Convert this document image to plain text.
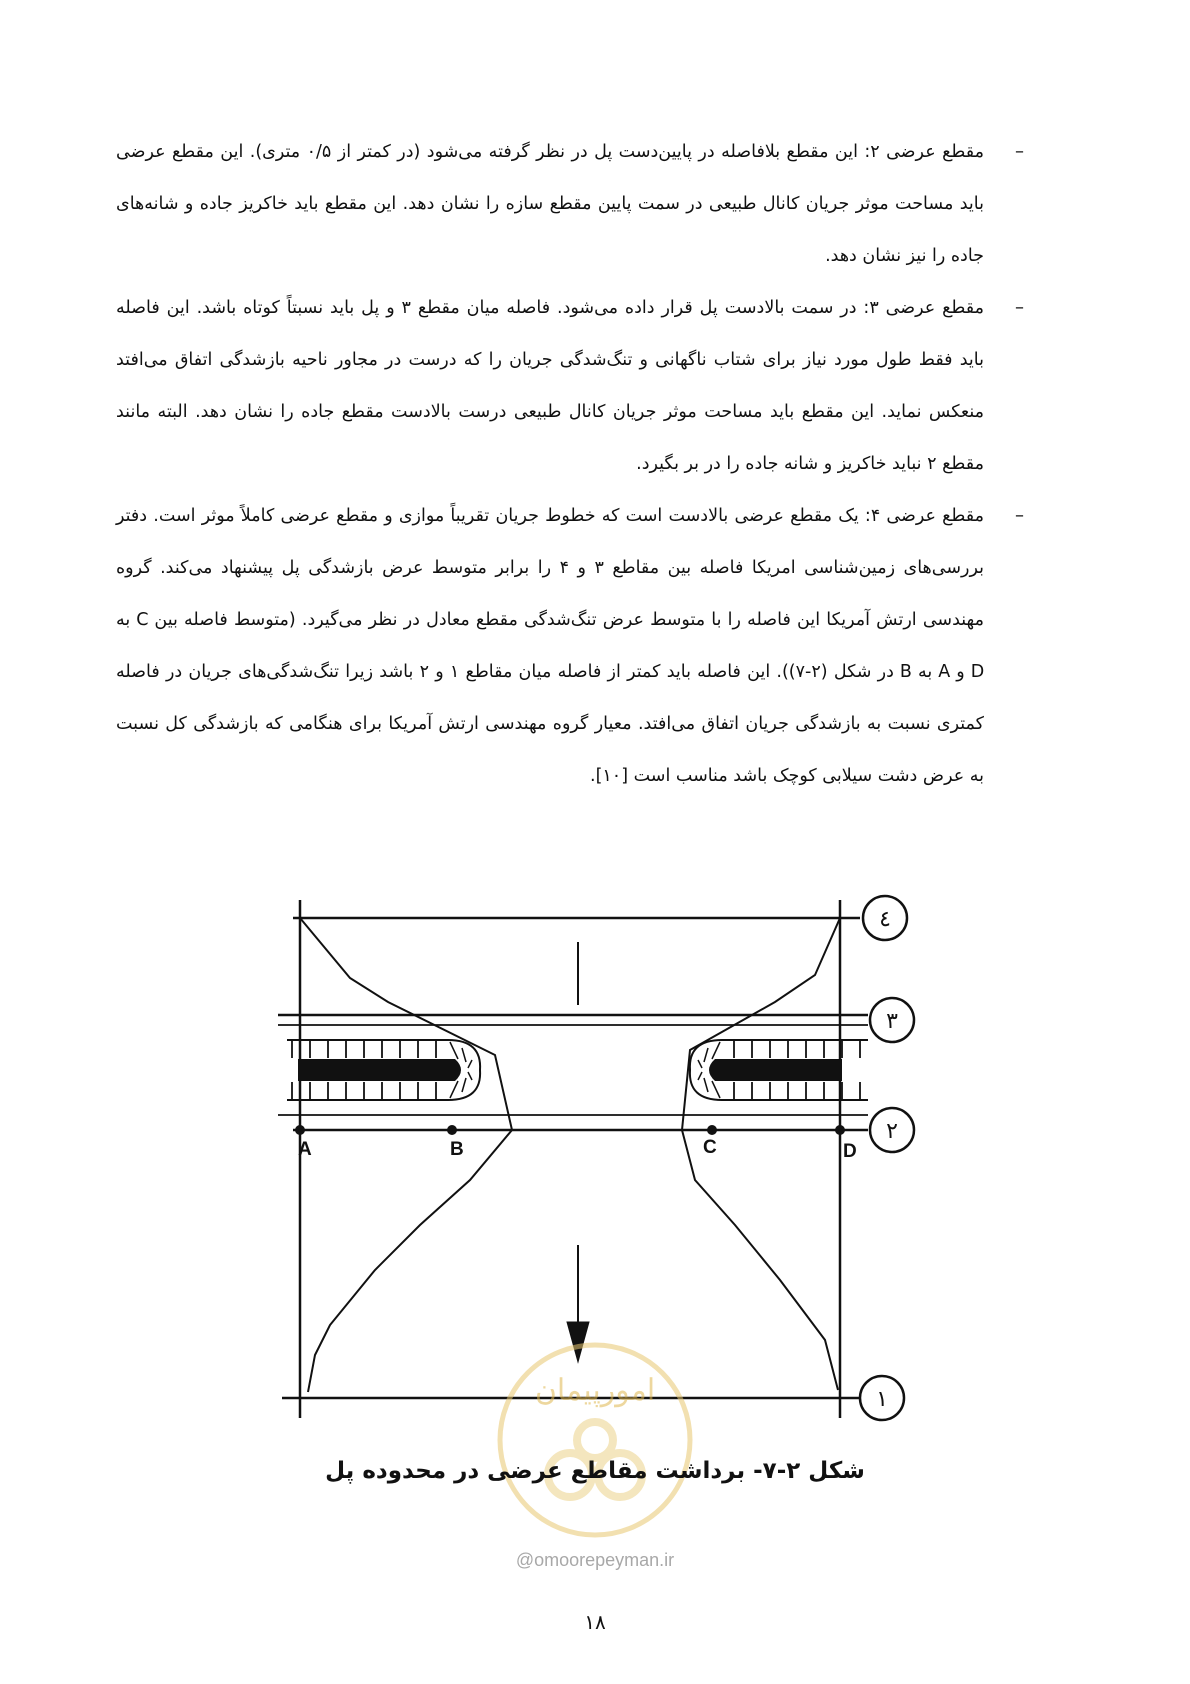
–

مقطع عرضی ۲: این مقطع بلافاصله در پایین‌دست پل در نظر گرفته می‌شود (در کمتر از ۰/۵ متری). این مقطع عرضی باید مساحت موثر جریان کانال طبیعی در سمت پایین مقطع سازه را نشان دهد. این مقطع باید خاکریز جاده و شانه‌های جاده را نیز نشان دهد.

–

مقطع عرضی ۳: در سمت بالادست پل قرار داده می‌شود. فاصله میان مقطع ۳ و پل باید نسبتاً کوتاه باشد. این فاصله باید فقط طول مورد نیاز برای شتاب ناگهانی و تنگ‌شدگی جریان را که درست در مجاور ناحیه بازشدگی اتفاق می‌افتد منعکس نماید. این مقطع باید مساحت موثر جریان کانال طبیعی درست بالادست مقطع جاده را نشان دهد. البته مانند مقطع ۲ نباید خاکریز و شانه جاده را در بر بگیرد.

–

مقطع عرضی ۴: یک مقطع عرضی بالادست است که خطوط جریان تقریباً موازی و مقطع عرضی کاملاً موثر است. دفتر بررسی‌های زمین‌شناسی امریکا فاصله بین مقاطع ۳ و ۴ را برابر متوسط عرض بازشدگی پل پیشنهاد می‌کند. گروه مهندسی ارتش آمریکا این فاصله را با متوسط عرض تنگ‌شدگی مقطع معادل در نظر می‌گیرد. (متوسط فاصله بین C به D و A به B در شکل (۲-۷)). این فاصله باید کمتر از فاصله میان مقاطع ۱ و ۲ باشد زیرا تنگ‌شدگی‌های جریان در فاصله کمتری نسبت به بازشدگی جریان اتفاق می‌افتد. معیار گروه مهندسی ارتش آمریکا برای هنگامی که بازشدگی کل نسبت به عرض دشت سیلابی کوچک باشد مناسب است [۱۰].

A	B	C	D
٤
٣
٢
١
امورپیمان
شکل ۲-۷- برداشت مقاطع عرضی در محدوده پل
@omoorepeyman.ir
۱۸
